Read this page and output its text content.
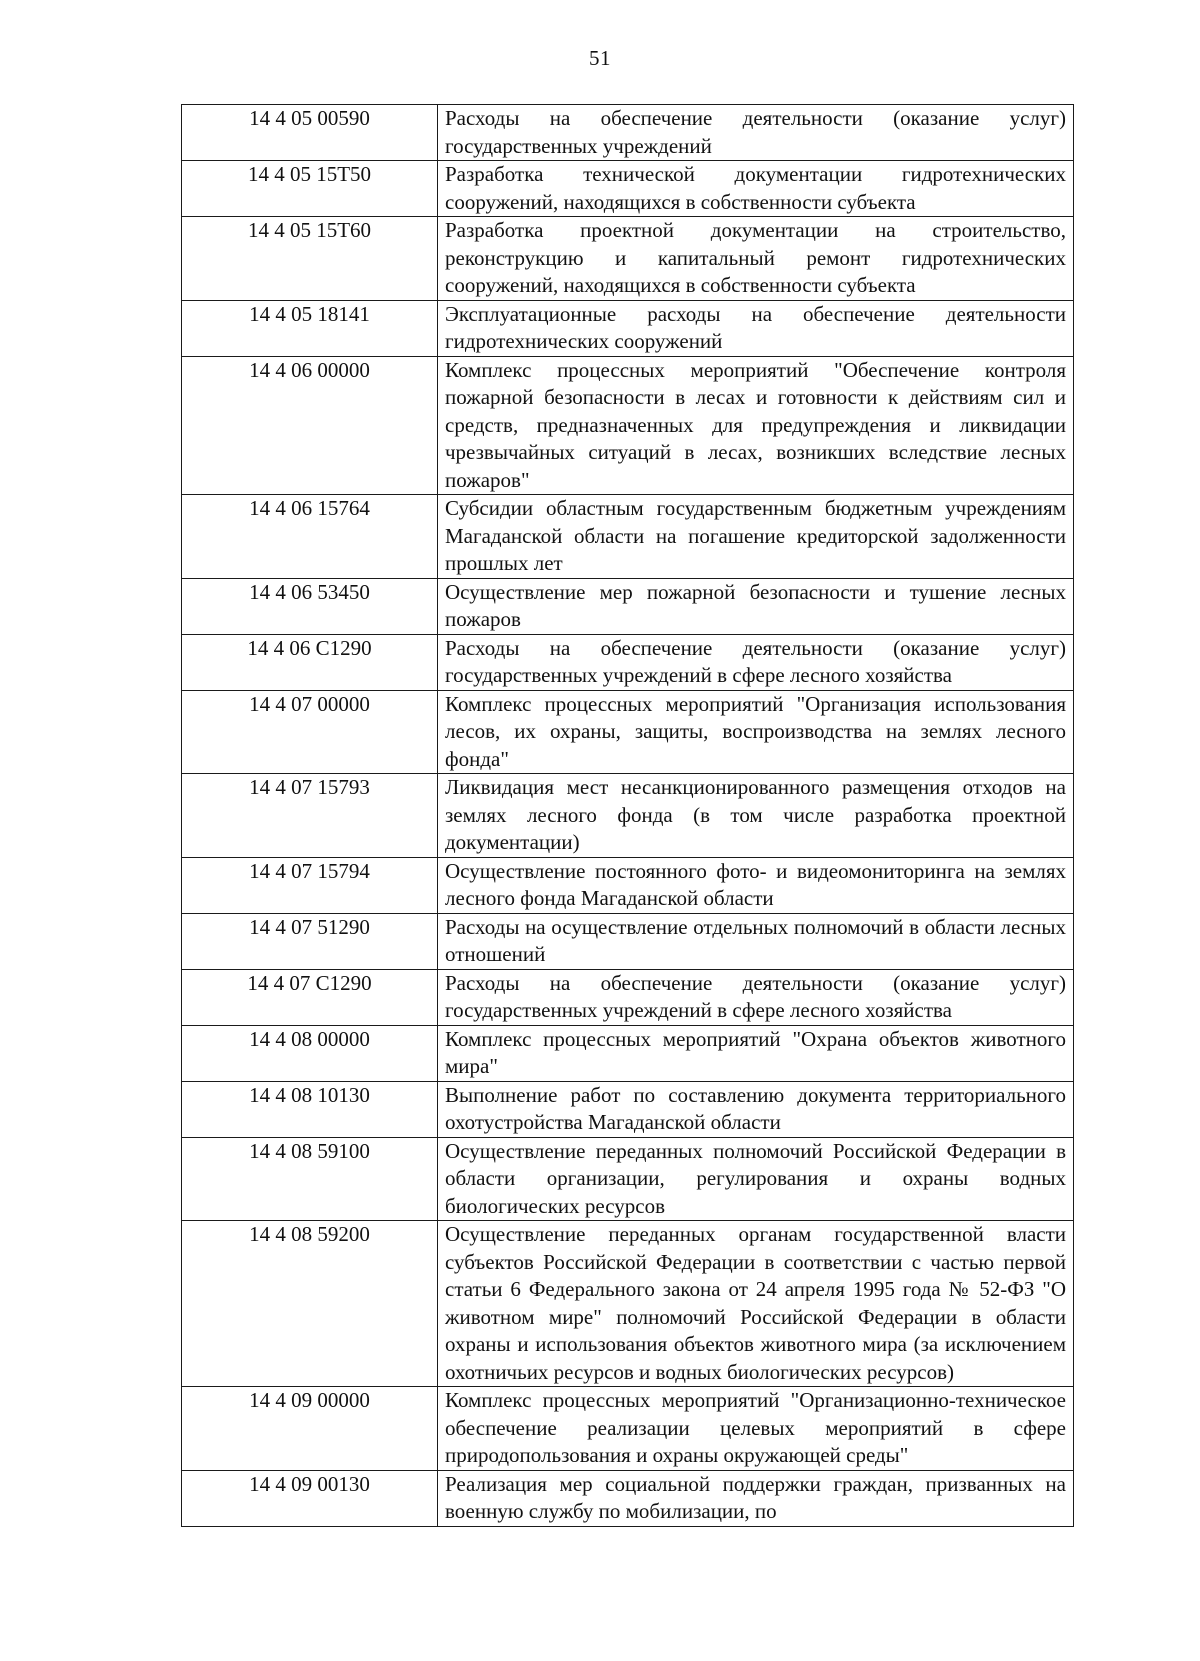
51
14 4 05 00590	Расходы на обеспечение деятельности (оказание услуг) государственных учреждений
14 4 05 15Т50	Разработка технической документации гидротехнических сооружений, находящихся в собственности субъекта
14 4 05 15Т60	Разработка проектной документации на строительство, реконструкцию и капитальный ремонт гидротехнических сооружений, находящихся в собственности субъекта
14 4 05 18141	Эксплуатационные расходы на обеспечение деятельности гидротехнических сооружений
14 4 06 00000	Комплекс процессных мероприятий "Обеспечение контроля пожарной безопасности в лесах и готовности к действиям сил и средств, предназначенных для предупреждения и ликвидации чрезвычайных ситуаций в лесах, возникших вследствие лесных пожаров"
14 4 06 15764	Субсидии областным государственным бюджетным учреждениям Магаданской области на погашение кредиторской задолженности прошлых лет
14 4 06 53450	Осуществление мер пожарной безопасности и тушение лесных пожаров
14 4 06 С1290	Расходы на обеспечение деятельности (оказание услуг) государственных учреждений в сфере лесного хозяйства
14 4 07 00000	Комплекс процессных мероприятий "Организация использования лесов, их охраны, защиты, воспроизводства на землях лесного фонда"
14 4 07 15793	Ликвидация мест несанкционированного размещения отходов на землях лесного фонда (в том числе разработка проектной документации)
14 4 07 15794	Осуществление постоянного фото- и видеомониторинга на землях лесного фонда Магаданской области
14 4 07 51290	Расходы на осуществление отдельных полномочий в области лесных отношений
14 4 07 С1290	Расходы на обеспечение деятельности (оказание услуг) государственных учреждений в сфере лесного хозяйства
14 4 08 00000	Комплекс процессных мероприятий "Охрана объектов животного мира"
14 4 08 10130	Выполнение работ по составлению документа территориального охотустройства Магаданской области
14 4 08 59100	Осуществление переданных полномочий Российской Федерации в области организации, регулирования и охраны водных биологических ресурсов
14 4 08 59200	Осуществление переданных органам государственной власти субъектов Российской Федерации в соответствии с частью первой статьи 6 Федерального закона от 24 апреля 1995 года № 52-ФЗ "О животном мире" полномочий Российской Федерации в области охраны и использования объектов животного мира (за исключением охотничьих ресурсов и водных биологических ресурсов)
14 4 09 00000	Комплекс процессных мероприятий "Организационно-техническое обеспечение реализации целевых мероприятий в сфере природопользования и охраны окружающей среды"
14 4 09 00130	Реализация мер социальной поддержки граждан, призванных на военную службу по мобилизации, по
